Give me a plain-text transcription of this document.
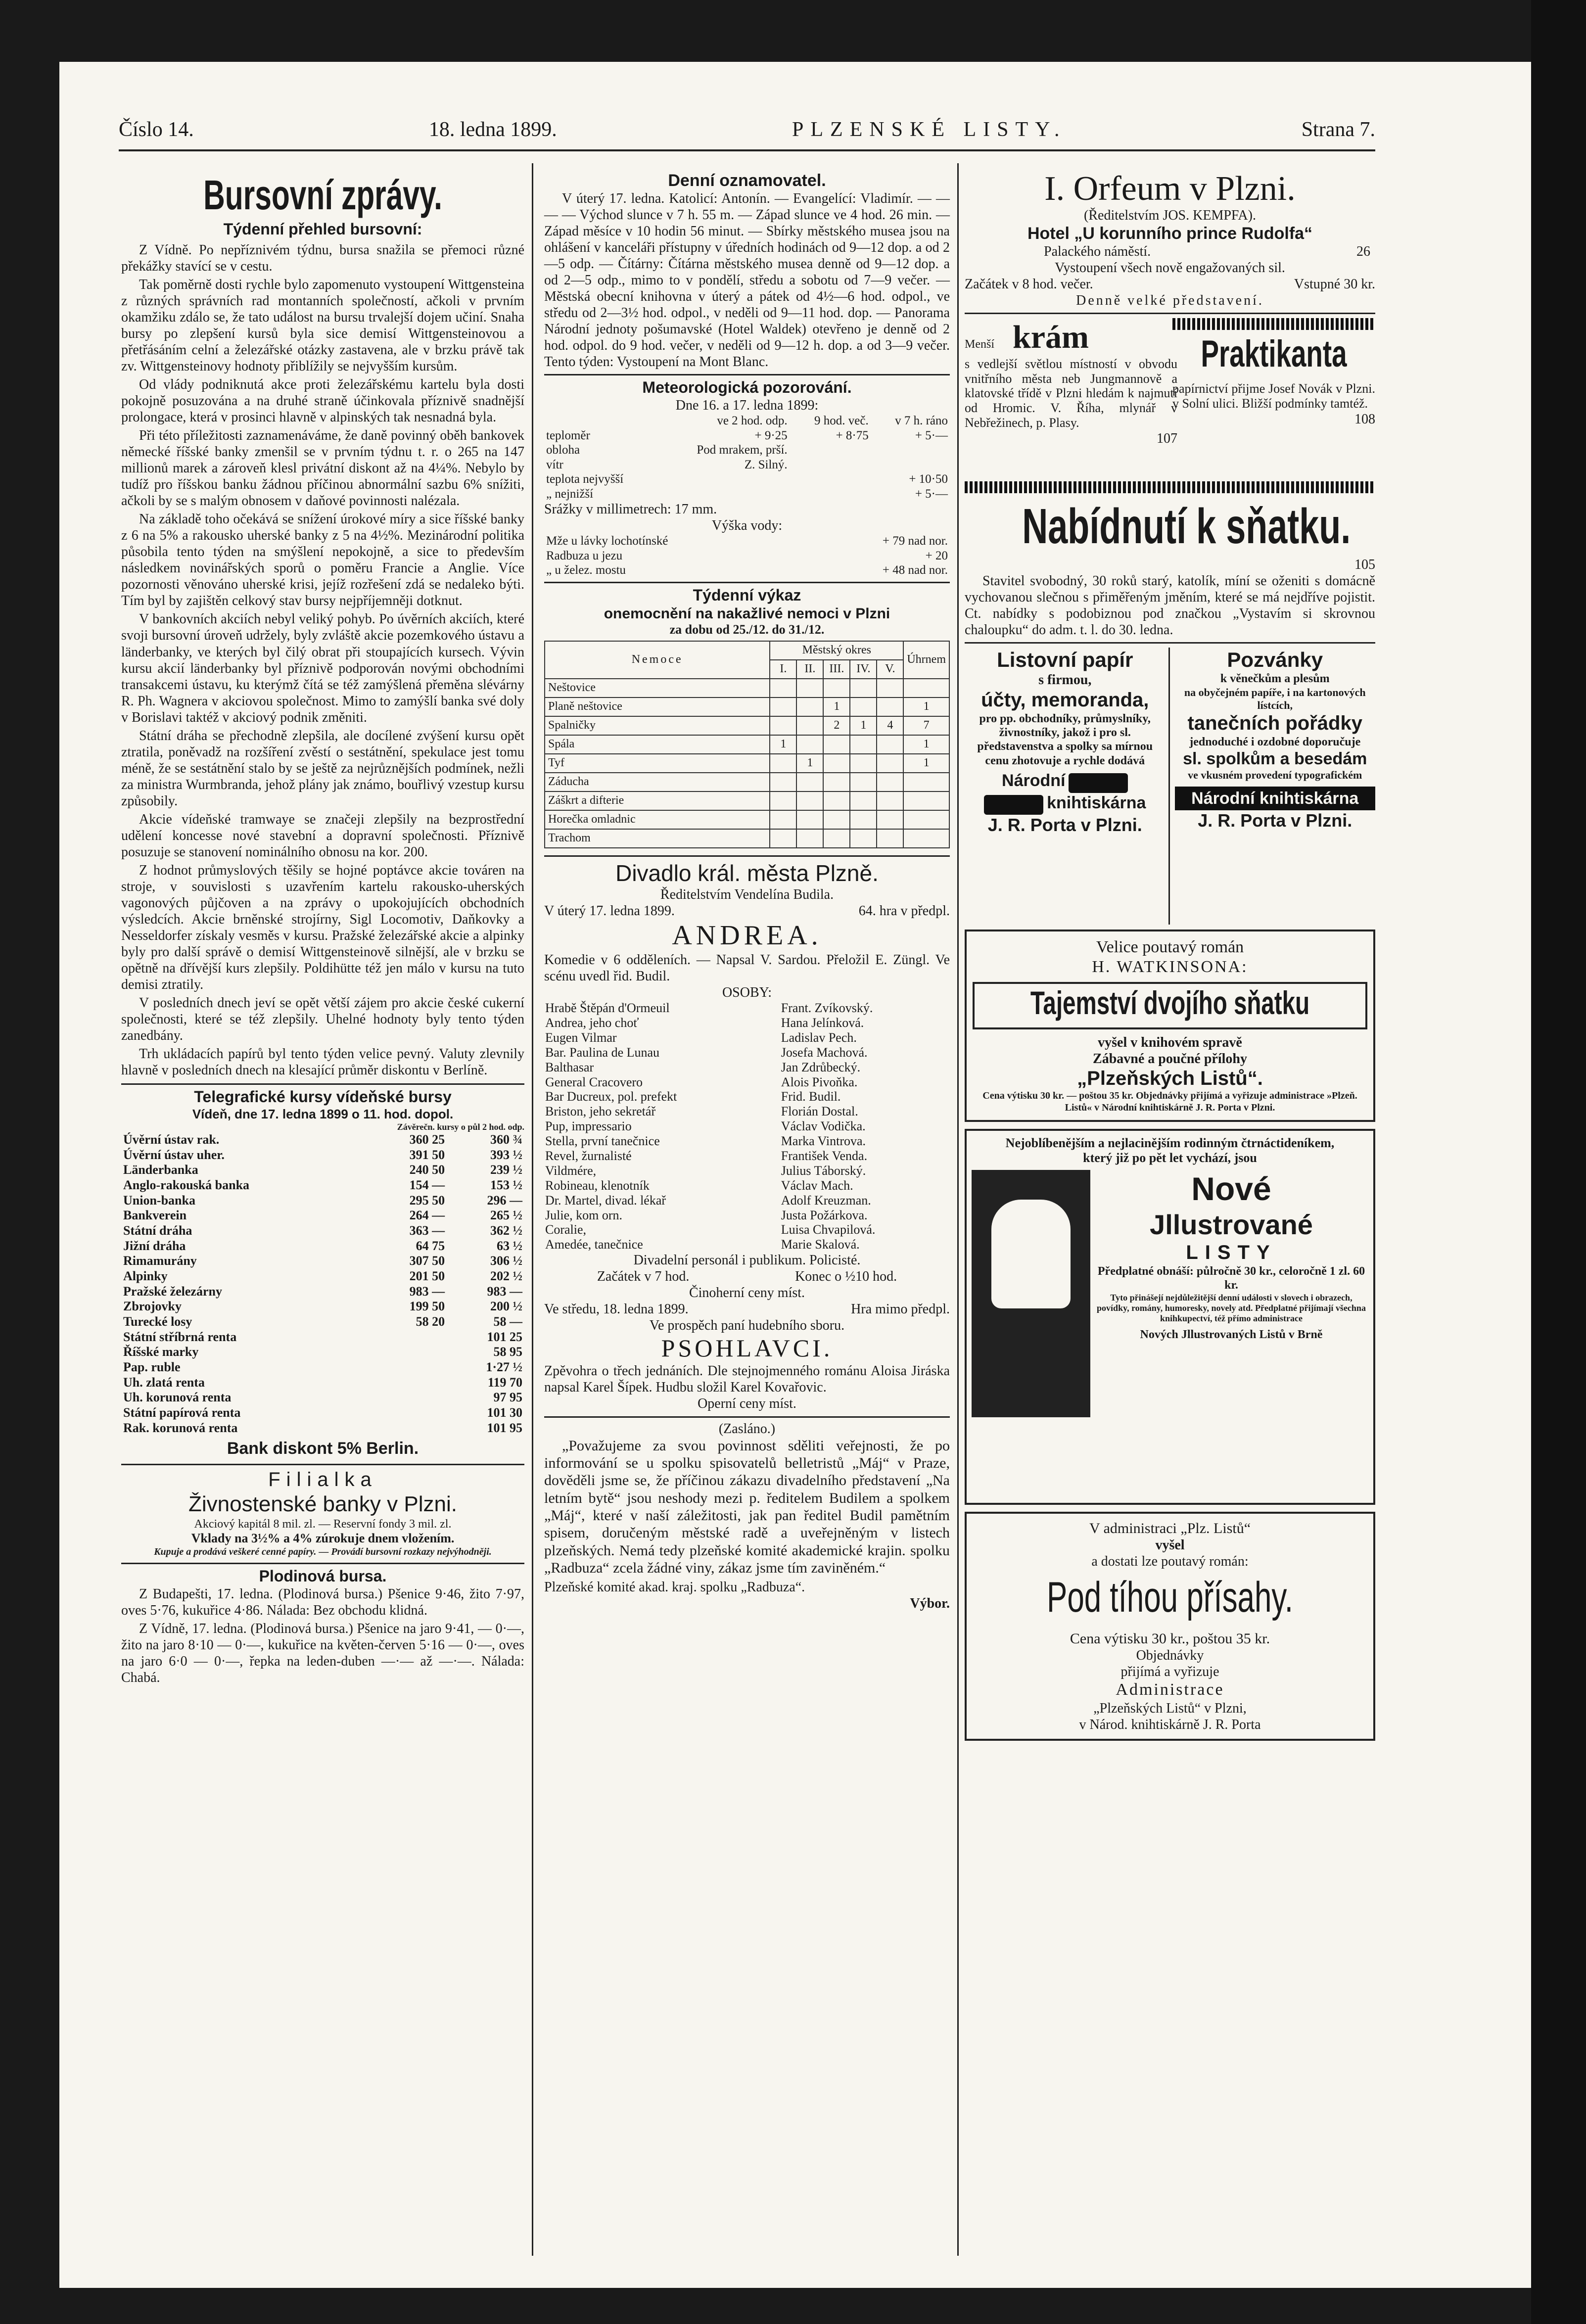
Číslo 14.	18. ledna 1899.	PLZENSKÉ LISTY.	Strana 7.
Bursovní zprávy.
Týdenní přehled bursovní:

Z Vídně. Po nepříznivém týdnu, bursa snažila se přemoci různé překážky stavící se v cestu.

Tak poměrně dosti rychle bylo zapomenuto vystoupení Wittgensteina z různých správních rad montanních společností, ačkoli v prvním okamžiku zdálo se, že tato událost na bursu trvalejší dojem učiní. Snaha bursy po zlepšení kursů byla sice demisí Wittgensteinovou a přetřásáním celní a železářské otázky zastavena, ale v brzku právě tak zv. Wittgensteinovy hodnoty přiblížily se nejvyšším kursům.

Od vlády podniknutá akce proti železářskému kartelu byla dosti pokojně posuzována a na druhé straně účinkovala příznivě snadnější prolongace, která v prosinci hlavně v alpinských tak nesnadná byla.

Při této příležitosti zaznamenáváme, že daně povinný oběh bankovek německé říšské banky zmenšil se v prvním týdnu t. r. o 265 na 147 millionů marek a zároveň klesl privátní diskont až na 4¼%. Nebylo by tudíž pro říšskou banku žádnou příčinou abnormální sazbu 6% snížiti, ačkoli by se s malým obnosem v daňové povinnosti nalézala.

Na základě toho očekává se snížení úrokové míry a sice říšské banky z 6 na 5% a rakousko uherské banky z 5 na 4½%. Mezinárodní politika působila tento týden na smýšlení nepokojně, a sice to především následkem novinářských sporů o poměru Francie a Anglie. Více pozornosti věnováno uherské krisi, jejíž rozřešení zdá se nedaleko býti. Tím byl by zajištěn celkový stav bursy nejpříjemněji dotknut.

V bankovních akciích nebyl veliký pohyb. Po úvěrních akciích, které svoji bursovní úroveň udržely, byly zvláště akcie pozemkového ústavu a länderbanky, ve kterých byl čilý obrat při stoupajících kursech. Vývin kursu akcií länderbanky byl příznivě podporován novými obchodními transakcemi ústavu, ku kterýmž čítá se též zamýšlená přeměna slévárny R. Ph. Wagnera v akciovou společnost. Mimo to zamýšlí banka své doly v Borislavi taktéž v akciový podnik změniti.

Státní dráha se přechodně zlepšila, ale docílené zvýšení kursu opět ztratila, poněvadž na rozšíření zvěstí o sestátnění, spekulace jest tomu méně, že se sestátnění stalo by se ještě za nejrůznějších podmínek, nežli za ministra Wurmbranda, jehož plány jak známo, bouřlivý vzestup kursu způsobily.

Akcie vídeňské tramwaye se značeji zlepšily na bezprostřední udělení koncesse nové stavební a dopravní společnosti. Příznivě posuzuje se stanovení nominálního obnosu na kor. 200.

Z hodnot průmyslových těšily se hojné poptávce akcie továren na stroje, v souvislosti s uzavřením kartelu rakousko-uherských vagonových půjčoven a na zprávy o upokojujících obchodních výsledcích. Akcie brněnské strojírny, Sigl Locomotiv, Daňkovky a Nesseldorfer získaly vesměs v kursu. Pražské železářské akcie a alpinky byly pro další správě o demisí Wittgensteinově silnější, ale v brzku se opětně na dřívější kurs zlepšily. Poldihütte též jen málo v kursu na tuto demisi ztratily.

V posledních dnech jeví se opět větší zájem pro akcie české cukerní společnosti, které se též zlepšily. Uhelné hodnoty byly tento týden zanedbány.

Trh ukládacích papírů byl tento týden velice pevný. Valuty zlevnily hlavně v posledních dnech na klesající průměr diskontu v Berlíně.

Telegrafické kursy vídeňské bursy
Vídeň, dne 17. ledna 1899 o 11. hod. dopol.
Závěrečn. kursy o půl 2 hod. odp.
Úvěrní ústav rak.	360 25	360 ¾
Úvěrní ústav uher.	391 50	393 ½
Länderbanka	240 50	239 ½
Anglo-rakouská banka	154 —	153 ½
Union-banka	295 50	296 —
Bankverein	264 —	265 ½
Státní dráha	363 —	362 ½
Jižní dráha	64 75	63 ½
Rimamurány	307 50	306 ½
Alpinky	201 50	202 ½
Pražské železárny	983 —	983 —
Zbrojovky	199 50	200 ½
Turecké losy	58 20	58 —
Státní stříbrná renta		101 25
Říšské marky		58 95
Pap. ruble		1·27 ½
Uh. zlatá renta		119 70
Uh. korunová renta		97 95
Státní papírová renta		101 30
Rak. korunová renta		101 95
Bank diskont 5% Berlin.
Filialka
Živnostenské banky v Plzni.
Akciový kapitál 8 mil. zl. — Reservní fondy 3 mil. zl.
Vklady na 3½% a 4% zúrokuje dnem vložením.
Kupuje a prodává veškeré cenné papíry. — Provádí bursovní rozkazy nejvýhodněji.
Plodinová bursa.

Z Budapešti, 17. ledna. (Plodinová bursa.) Pšenice 9·46, žito 7·97, oves 5·76, kukuřice 4·86. Nálada: Bez obchodu klidná.

Z Vídně, 17. ledna. (Plodinová bursa.) Pšenice na jaro 9·41, — 0·—, žito na jaro 8·10 — 0·—, kukuřice na květen-červen 5·16 — 0·—, oves na jaro 6·0 — 0·—, řepka na leden-duben —·— až —·—. Nálada: Chabá.

Denní oznamovatel.

V úterý 17. ledna. Katolicí: Antonín. — Evangelící: Vladimír. — — — — Východ slunce v 7 h. 55 m. — Západ slunce ve 4 hod. 26 min. — Západ měsíce v 10 hodin 56 minut. — Sbírky městského musea jsou na ohlášení v kanceláři přístupny v úředních hodinách od 9—12 dop. a od 2—5 odp. — Čítárny: Čítárna městského musea denně od 9—12 dop. a od 2—5 odp., mimo to v pondělí, středu a sobotu od 7—9 večer. — Městská obecní knihovna v úterý a pátek od 4½—6 hod. odpol., ve středu od 2—3½ hod. odpol., v neděli od 9—11 hod. dop. — Panorama Národní jednoty pošumavské (Hotel Waldek) otevřeno je denně od 2 hod. odpol. do 9 hod. večer, v neděli od 9—12 h. dop. a od 3—9 večer. Tento týden: Vystoupení na Mont Blanc.

Meteorologická pozorování.
Dne 16. a 17. ledna 1899:
	ve 2 hod. odp.	9 hod. več.	v 7 h. ráno
teploměr	+ 9·25	+ 8·75	+ 5·—
obloha	Pod mrakem, prší.		
vítr	Z. Silný.		
teplota nejvyšší			+ 10·50
„ nejnižší			+ 5·—
Srážky v millimetrech: 17 mm.
Výška vody:
Mže u lávky lochotínské	+ 79 nad nor.
Radbuza u jezu	+ 20
„ u želez. mostu	+ 48 nad nor.
Týdenní výkaz
onemocnění na nakažlivé nemoci v Plzni
za dobu od 25./12. do 31./12.
Nemoce	Městský okres					Úhrnem
	I.	II.	III.	IV.	V.	
Neštovice						
Planě neštovice			1			1
Spalničky			2	1	4	7
Spála	1					1
Tyf		1				1
Záducha						
Záškrt a difterie						
Horečka omladnic						
Trachom						
Divadlo král. města Plzně.
Ředitelstvím Vendelína Budila.
V úterý 17. ledna 1899.	64. hra v předpl.
ANDREA.
Komedie v 6 odděleních. — Napsal V. Sardou. Přeložil E. Züngl. Ve scénu uvedl řid. Budil.
OSOBY:
Hrabě Štěpán d'Ormeuil	Frant. Zvíkovský.
Andrea, jeho choť	Hana Jelínková.
Eugen Vilmar	Ladislav Pech.
Bar. Paulina de Lunau	Josefa Machová.
Balthasar	Jan Zdrůbecký.
General Cracovero	Alois Pivoňka.
Bar Ducreux, pol. prefekt	Frid. Budil.
Briston, jeho sekretář	Florián Dostal.
Pup, impressario	Václav Vodička.
Stella, první tanečnice	Marka Vintrova.
Revel, žurnalisté	František Venda.
Vildmére,	Julius Táborský.
Robineau, klenotník	Václav Mach.
Dr. Martel, divad. lékař	Adolf Kreuzman.
Julie, kom orn.	Justa Požárkova.
Coralie,	Luisa Chvapilová.
Amedée, tanečnice	Marie Skalová.
Divadelní personál i publikum. Policisté.
Začátek v 7 hod.	Konec o ½10 hod.
Činoherní ceny míst.
Ve středu, 18. ledna 1899.	Hra mimo předpl.
Ve prospěch paní hudebního sboru.
PSOHLAVCI.
Zpěvohra o třech jednáních. Dle stejnojmenného románu Aloisa Jiráska napsal Karel Šípek. Hudbu složil Karel Kovařovic.
Operní ceny míst.
(Zasláno.)

„Považujeme za svou povinnost sděliti veřejnosti, že po informování se u spolku spisovatelů belletristů „Máj“ v Praze, dověděli jsme se, že příčinou zákazu divadelního představení „Na letním bytě“ jsou neshody mezi p. ředitelem Budilem a spolkem „Máj“, které v naší záležitosti, jak pan ředitel Budil pamětním spisem, doručeným městské radě a uveřejněným v listech plzeňských. Nemá tedy plzeňské komité akademické krajin. spolku „Radbuza“ zcela žádné viny, zákaz jsme tím zaviněném.“

Plzeňské komité akad. kraj. spolku „Radbuza“.
Výbor.
I. Orfeum v Plzni.
(Ředitelstvím JOS. KEMPFA).
Hotel „U korunního prince Rudolfa“
Palackého náměstí.	26
Vystoupení všech nově engažovaných sil.
Začátek v 8 hod. večer.	Vstupné 30 kr.
Denně velké představení.
Menší krám
s vedlejší světlou místností v obvodu vnitřního města neb Jungmannově a klatovské třídě v Plzni hledám k najmutí od Hromic. V. Říha, mlynář v Nebřežinech, p. Plasy.
107
Praktikanta
papírnictví přijme Josef Novák v Plzni. v Solní ulici. Bližší podmínky tamtéž.
108
Nabídnutí k sňatku.
105

Stavitel svobodný, 30 roků starý, katolík, míní se oženiti s domácně vychovanou slečnou s přiměřeným jměním, které se má nejdříve pojistit. Ct. nabídky s podobiznou pod značkou „Vystavím si skrovnou chaloupku“ do adm. t. l. do 30. ledna.

Listovní papír
s firmou,
účty, memoranda,
pro pp. obchodníky, průmyslníky, živnostníky, jakož i pro sl. představenstva a spolky sa mírnou cenu zhotovuje a rychle dodává
Národní
knihtiskárna
J. R. Porta v Plzni.
Pozvánky
k věnečkům a plesům
na obyčejném papíře, i na kartonových lístcích,
tanečních pořádky
jednoduché i ozdobné doporučuje
sl. spolkům a besedám
ve vkusném provedení typografickém
Národní knihtiskárna
J. R. Porta v Plzni.
Velice poutavý román
H. WATKINSONA:
Tajemství dvojího sňatku
vyšel v knihovém spravě
Zábavné a poučné přílohy
„Plzeňských Listů“.
Cena výtisku 30 kr. — poštou 35 kr. Objednávky přijímá a vyřizuje administrace »Plzeň. Listů« v Národní knihtiskárně J. R. Porta v Plzni.
Nejoblíbenějším a nejlacinějším rodinným čtrnáctideníkem,
který již po pět let vychází, jsou
Nové
Jllustrované
LISTY
Předplatné obnáší: půlročně 30 kr., celoročně 1 zl. 60 kr.
Tyto přinášejí nejdůležitější denní události v slovech i obrazech, povídky, romány, humoresky, novely atd. Předplatné přijímají všechna knihkupectví, též přímo administrace
Nových Jllustrovaných Listů v Brně
V administraci „Plz. Listů“
vyšel
a dostati lze poutavý román:
Pod tíhou přísahy.
Cena výtisku 30 kr., poštou 35 kr.
Objednávky
přijímá a vyřizuje
Administrace
„Plzeňských Listů“ v Plzni,
v Národ. knihtiskárně J. R. Porta
